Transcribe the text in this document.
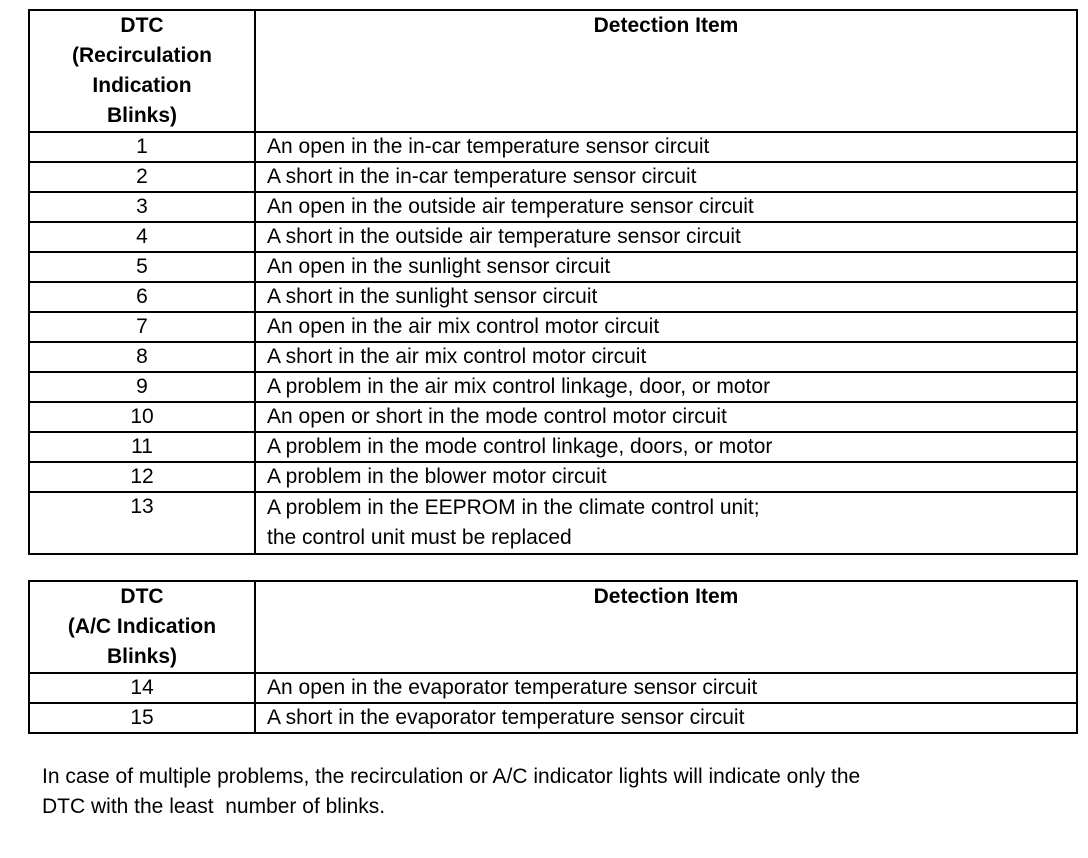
DTC
(Recirculation
Indication
Blinks)	Detection Item
1	An open in the in-car temperature sensor circuit
2	A short in the in-car temperature sensor circuit
3	An open in the outside air temperature sensor circuit
4	A short in the outside air temperature sensor circuit
5	An open in the sunlight sensor circuit
6	A short in the sunlight sensor circuit
7	An open in the air mix control motor circuit
8	A short in the air mix control motor circuit
9	A problem in the air mix control linkage, door, or motor
10	An open or short in the mode control motor circuit
11	A problem in the mode control linkage, doors, or motor
12	A problem in the blower motor circuit
13	A problem in the EEPROM in the climate control unit;
the control unit must be replaced
DTC
(A/C Indication
Blinks)	Detection Item
14	An open in the evaporator temperature sensor circuit
15	A short in the evaporator temperature sensor circuit
In case of multiple problems, the recirculation or A/C indicator lights will indicate only the
DTC with the least  number of blinks.
